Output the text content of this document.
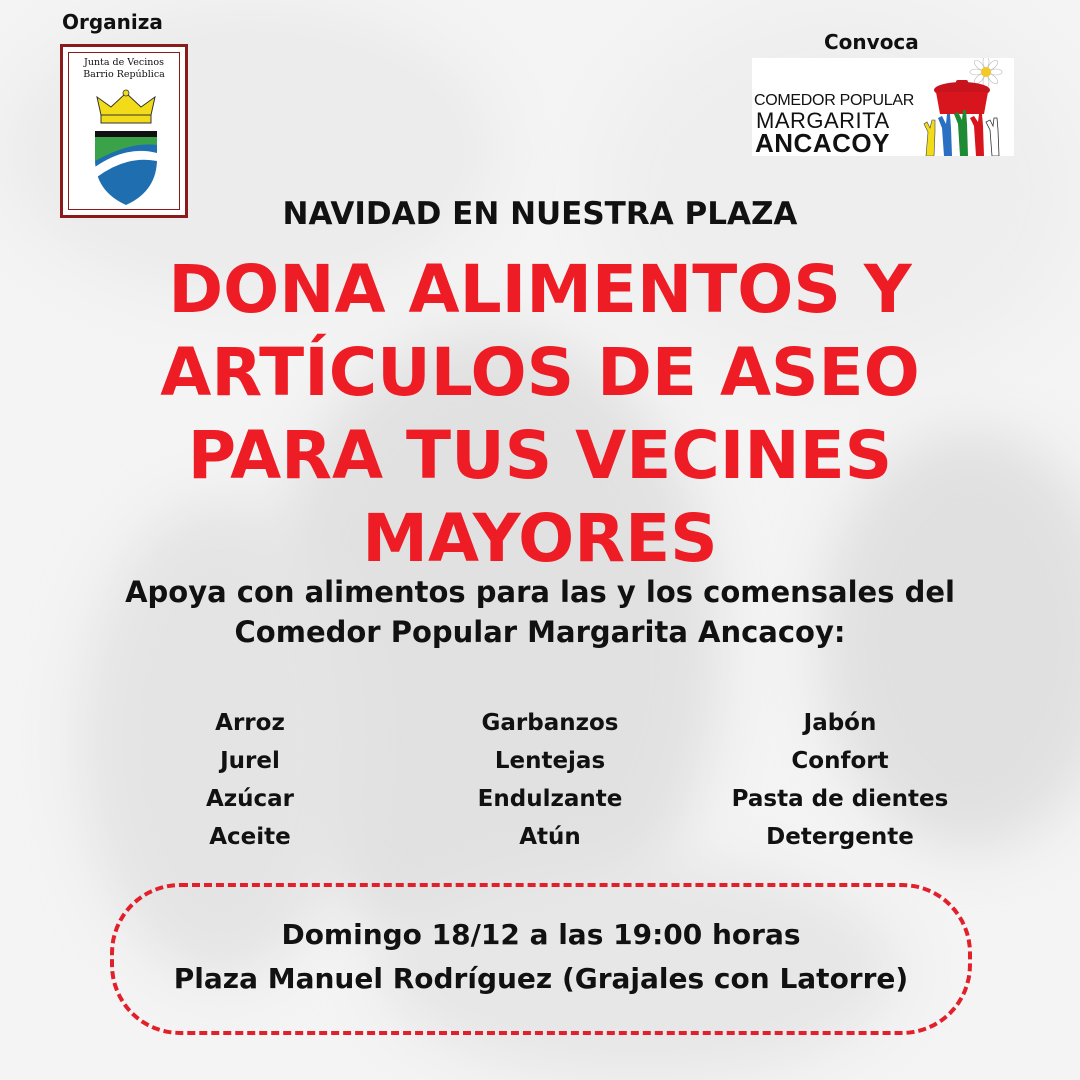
Organiza
Convoca
Junta de Vecinos
Barrio República
COMEDOR POPULAR
MARGARITA
ANCACOY
NAVIDAD EN NUESTRA PLAZA
DONA ALIMENTOS Y
ARTÍCULOS DE ASEO
PARA TUS VECINES
MAYORES
Apoya con alimentos para las y los comensales del
Comedor Popular Margarita Ancacoy:
Arroz
Jurel
Azúcar
Aceite
Garbanzos
Lentejas
Endulzante
Atún
Jabón
Confort
Pasta de dientes
Detergente
Domingo 18/12 a las 19:00 horas
Plaza Manuel Rodríguez (Grajales con Latorre)
